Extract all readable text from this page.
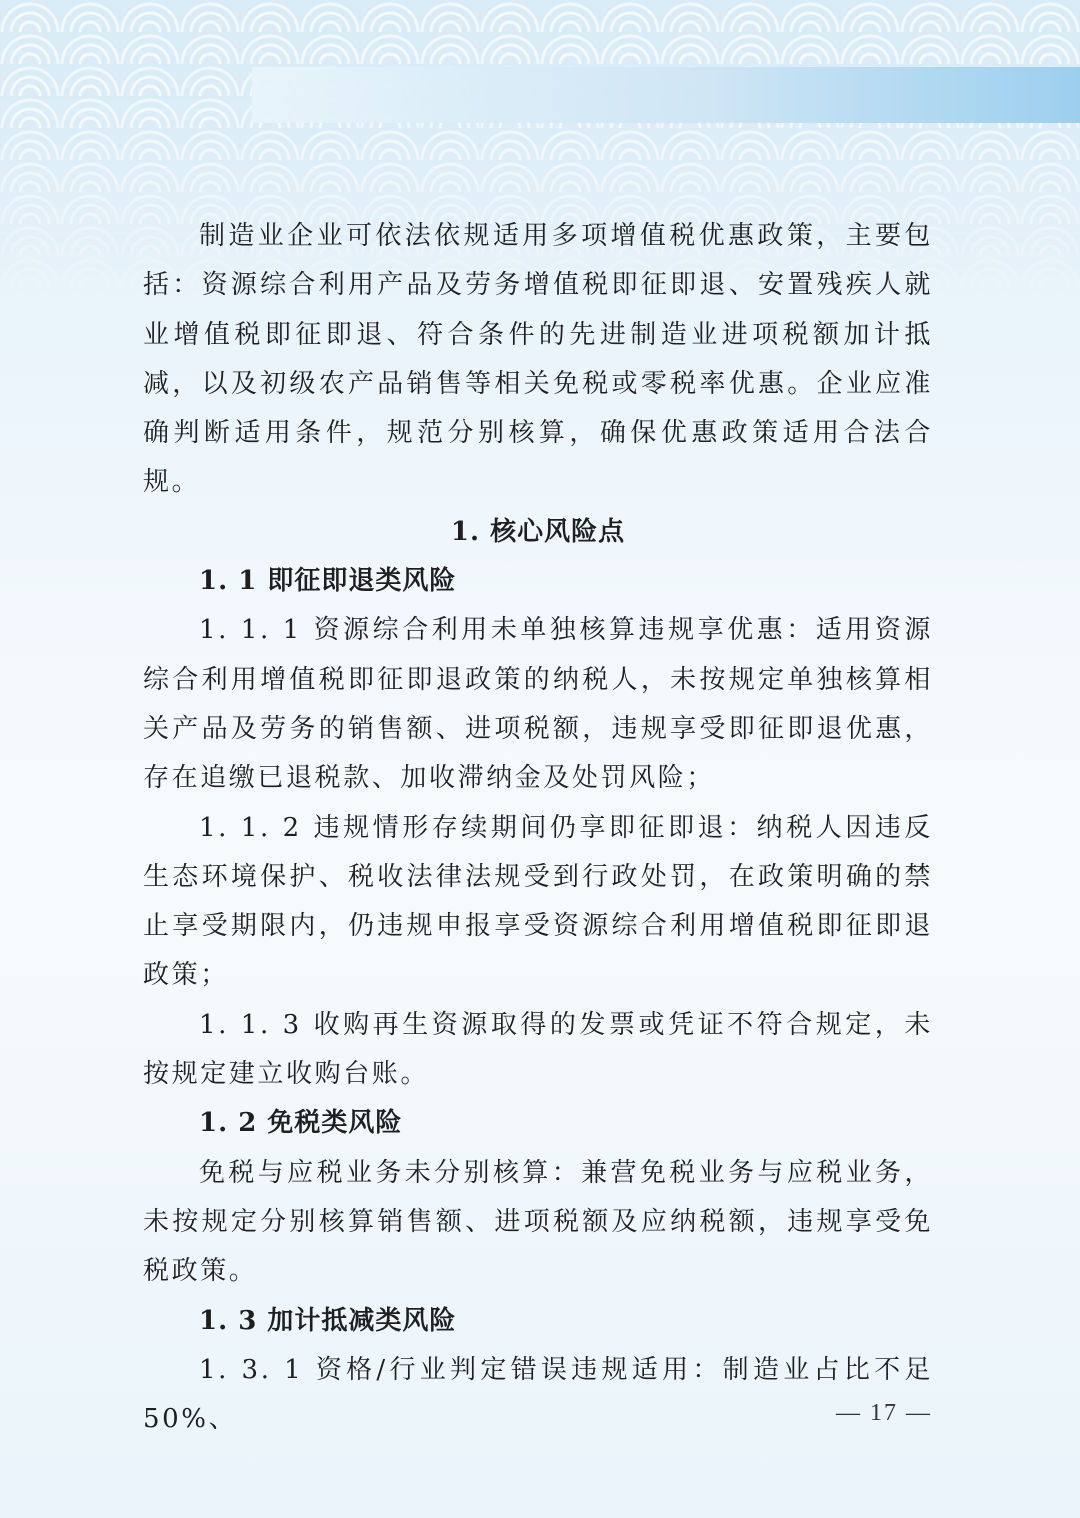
制造业企业可依法依规适用多项增值税优惠政策，主要包括：资源综合利用产品及劳务增值税即征即退、安置残疾人就业增值税即征即退、符合条件的先进制造业进项税额加计抵减，以及初级农产品销售等相关免税或零税率优惠。企业应准确判断适用条件，规范分别核算，确保优惠政策适用合法合规。

1. 核心风险点

1. 1 即征即退类风险

1. 1. 1 资源综合利用未单独核算违规享优惠：适用资源综合利用增值税即征即退政策的纳税人，未按规定单独核算相关产品及劳务的销售额、进项税额，违规享受即征即退优惠，存在追缴已退税款、加收滞纳金及处罚风险；

1. 1. 2 违规情形存续期间仍享即征即退：纳税人因违反生态环境保护、税收法律法规受到行政处罚，在政策明确的禁止享受期限内，仍违规申报享受资源综合利用增值税即征即退政策；

1. 1. 3 收购再生资源取得的发票或凭证不符合规定，未按规定建立收购台账。

1. 2 免税类风险

免税与应税业务未分别核算：兼营免税业务与应税业务，未按规定分别核算销售额、进项税额及应纳税额，违规享受免税政策。

1. 3 加计抵减类风险

1. 3. 1 资格/行业判定错误违规适用：制造业占比不足 50%、	— 17 —
